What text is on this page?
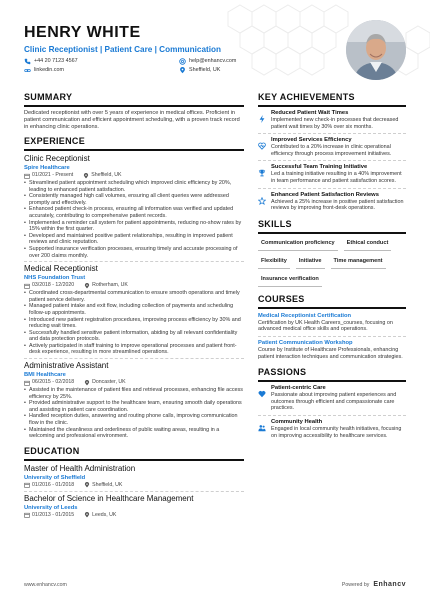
HENRY WHITE
Clinic Receptionist | Patient Care | Communication
+44 20 7123 4567	help@enhancv.com
linkedin.com	Sheffield, UK
SUMMARY
Dedicated receptionist with over 5 years of experience in medical offices. Proficient in patient communication and efficient appointment scheduling, with a proven track record in enhancing clinic operations.
EXPERIENCE
Clinic Receptionist
Spire Healthcare
01/2021 - Present	Sheffield, UK
• Streamlined patient appointment scheduling which improved clinic efficiency by 20%, leading to enhanced patient satisfaction.
• Consistently managed high call volumes, ensuring all client queries were addressed promptly and effectively.
• Enhanced patient check-in process, ensuring all information was verified and updated accurately, contributing to comprehensive patient records.
• Implemented a reminder call system for patient appointments, reducing no-show rates by 15% within the first quarter.
• Developed and maintained positive patient relationships, resulting in improved patient reviews and clinic reputation.
• Supported insurance verification processes, ensuring timely and accurate processing of over 200 claims monthly.
Medical Receptionist
NHS Foundation Trust
03/2018 - 12/2020	Rotherham, UK
• Coordinated cross-departmental communication to ensure smooth operations and timely patient service delivery.
• Managed patient intake and exit flow, including collection of payments and scheduling follow-up appointments.
• Introduced new patient registration procedures, improving process efficiency by 30% and reducing wait times.
• Successfully handled sensitive patient information, abiding by all relevant confidentiality and data protection protocols.
• Actively participated in staff training to improve operational processes and patient front-desk experience, resulting in more streamlined operations.
Administrative Assistant
BMI Healthcare
06/2015 - 02/2018	Doncaster, UK
• Assisted in the maintenance of patient files and retrieval processes, enhancing file access efficiency by 25%.
• Provided administrative support to the healthcare team, ensuring smooth daily operations and assisting in patient care coordination.
• Handled reception duties, answering and routing phone calls, improving communication flow in the clinic.
• Maintained the cleanliness and orderliness of public waiting areas, resulting in a welcoming and professional environment.
EDUCATION
Master of Health Administration
University of Sheffield
01/2016 - 01/2018	Sheffield, UK
Bachelor of Science in Healthcare Management
University of Leeds
01/2013 - 01/2015	Leeds, UK
KEY ACHIEVEMENTS
Reduced Patient Wait Times
Implemented new check-in processes that decreased patient wait times by 30% over six months.
Improved Services Efficiency
Contributed to a 20% increase in clinic operational efficiency through process improvement initiatives.
Successful Team Training Initiative
Led a training initiative resulting in a 40% improvement in team performance and patient satisfaction scores.
Enhanced Patient Satisfaction Reviews
Achieved a 25% increase in positive patient satisfaction reviews by improving front-desk operations.
SKILLS
Communication proficiency	Ethical conduct
Flexibility	Initiative	Time management
Insurance verification
COURSES
Medical Receptionist Certification
Certification by UK Health Careers_courses, focusing on advanced medical office skills and operations.
Patient Communication Workshop
Course by Institute of Healthcare Professionals, enhancing patient interaction techniques and communication strategies.
PASSIONS
Patient-centric Care
Passionate about improving patient experiences and outcomes through efficient and compassionate care practices.
Community Health
Engaged in local community health initiatives, focusing on improving accessibility to healthcare services.
www.enhancv.com	Powered by Enhancv
